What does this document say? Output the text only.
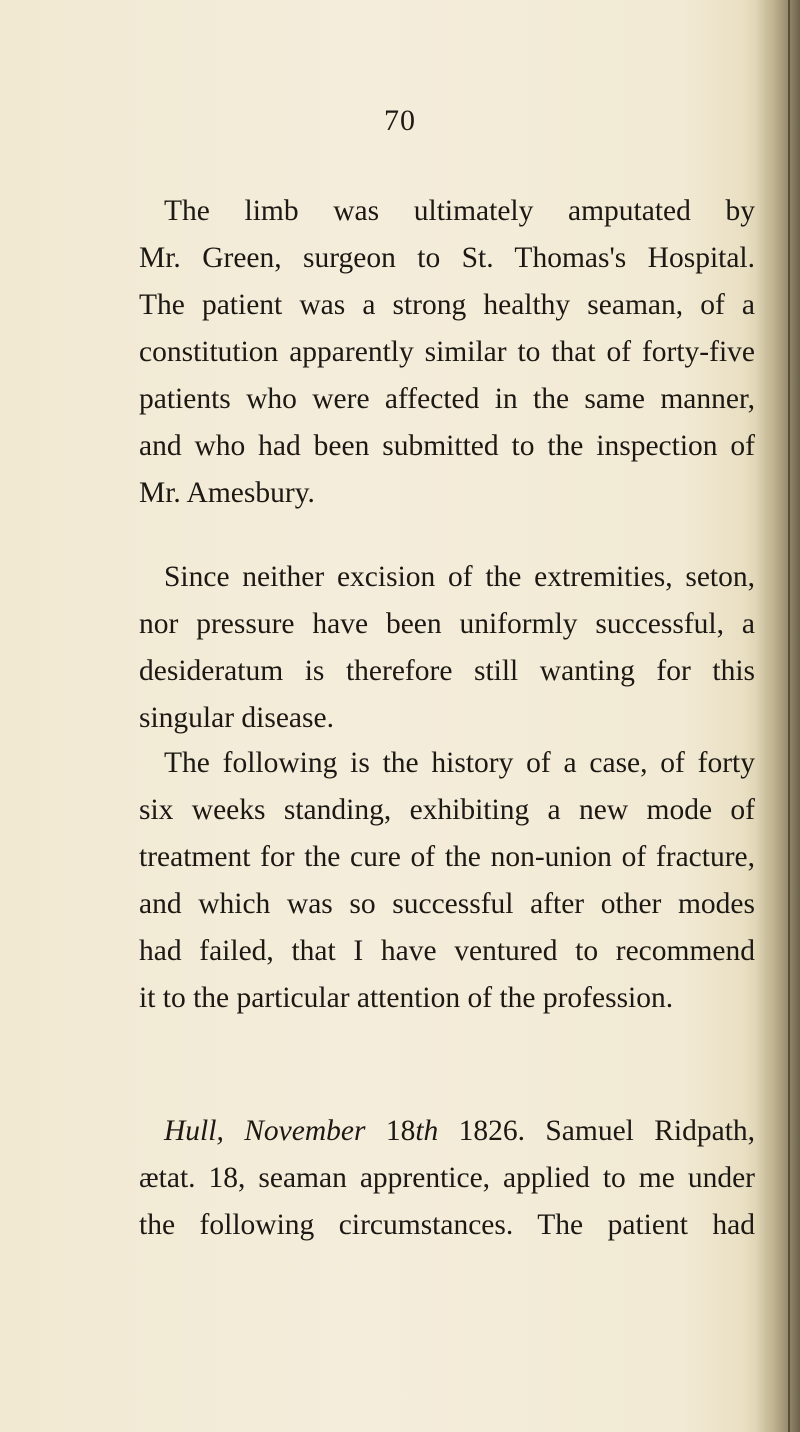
70

The limb was ultimately amputated by
Mr. Green, surgeon to St. Thomas's Hospital.
The patient was a strong healthy seaman, of a
constitution apparently similar to that of forty-five
patients who were affected in the same manner,
and who had been submitted to the inspection of
Mr. Amesbury.
Since neither excision of the extremities, seton,
nor pressure have been uniformly successful, a
desideratum is therefore still wanting for this
singular disease.
The following is the history of a case, of forty
six weeks standing, exhibiting a new mode of
treatment for the cure of the non-union of fracture,
and which was so successful after other modes
had failed, that I have ventured to recommend
it to the particular attention of the profession.
Hull, November 18th 1826. Samuel Ridpath,
ætat. 18, seaman apprentice, applied to me under
the following circumstances. The patient had
